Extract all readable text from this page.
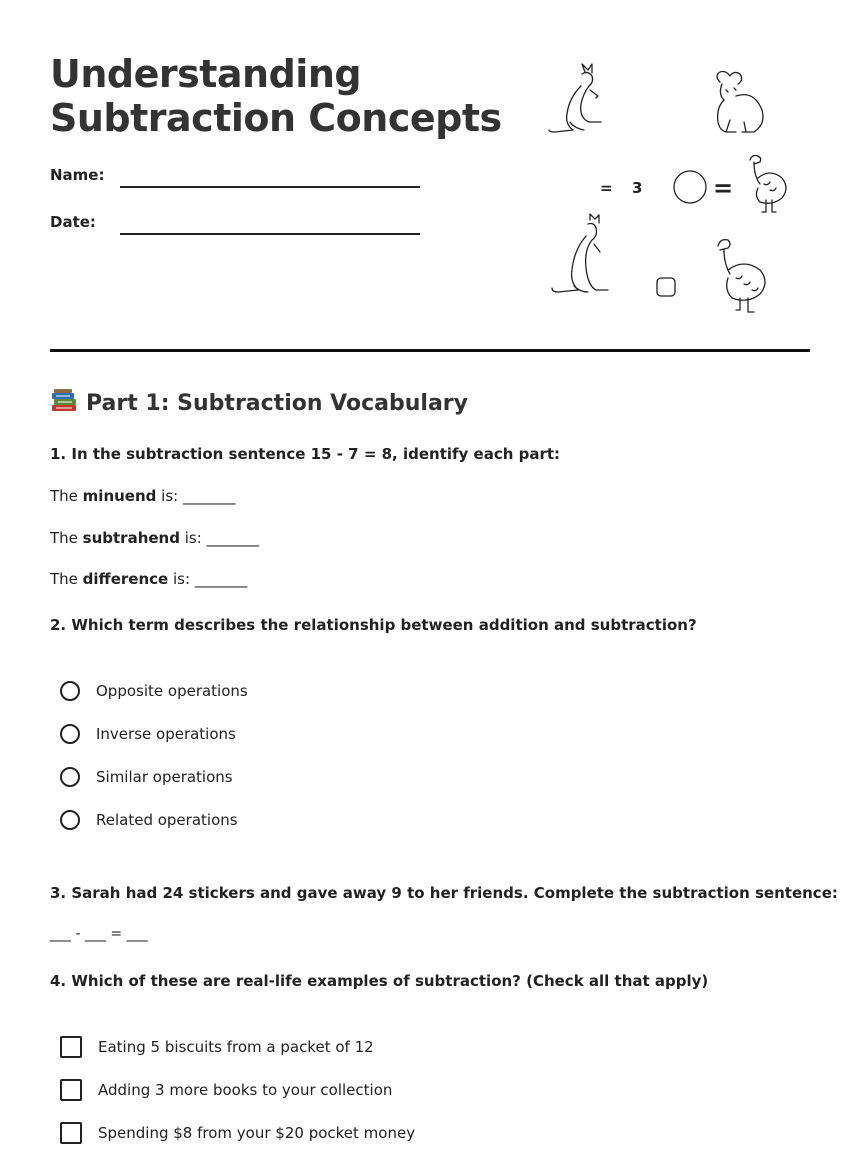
Understanding
Subtraction Concepts
Name:
Date:
= 3	=
Part 1: Subtraction Vocabulary

1. In the subtraction sentence 15 - 7 = 8, identify each part:

The minuend is: _______
The subtrahend is: _______
The difference is: _______

2. Which term describes the relationship between addition and subtraction?

Opposite operations
Inverse operations
Similar operations
Related operations

3. Sarah had 24 stickers and gave away 9 to her friends. Complete the subtraction sentence:

___ - ___ = ___

4. Which of these are real-life examples of subtraction? (Check all that apply)

Eating 5 biscuits from a packet of 12
Adding 3 more books to your collection
Spending $8 from your $20 pocket money
